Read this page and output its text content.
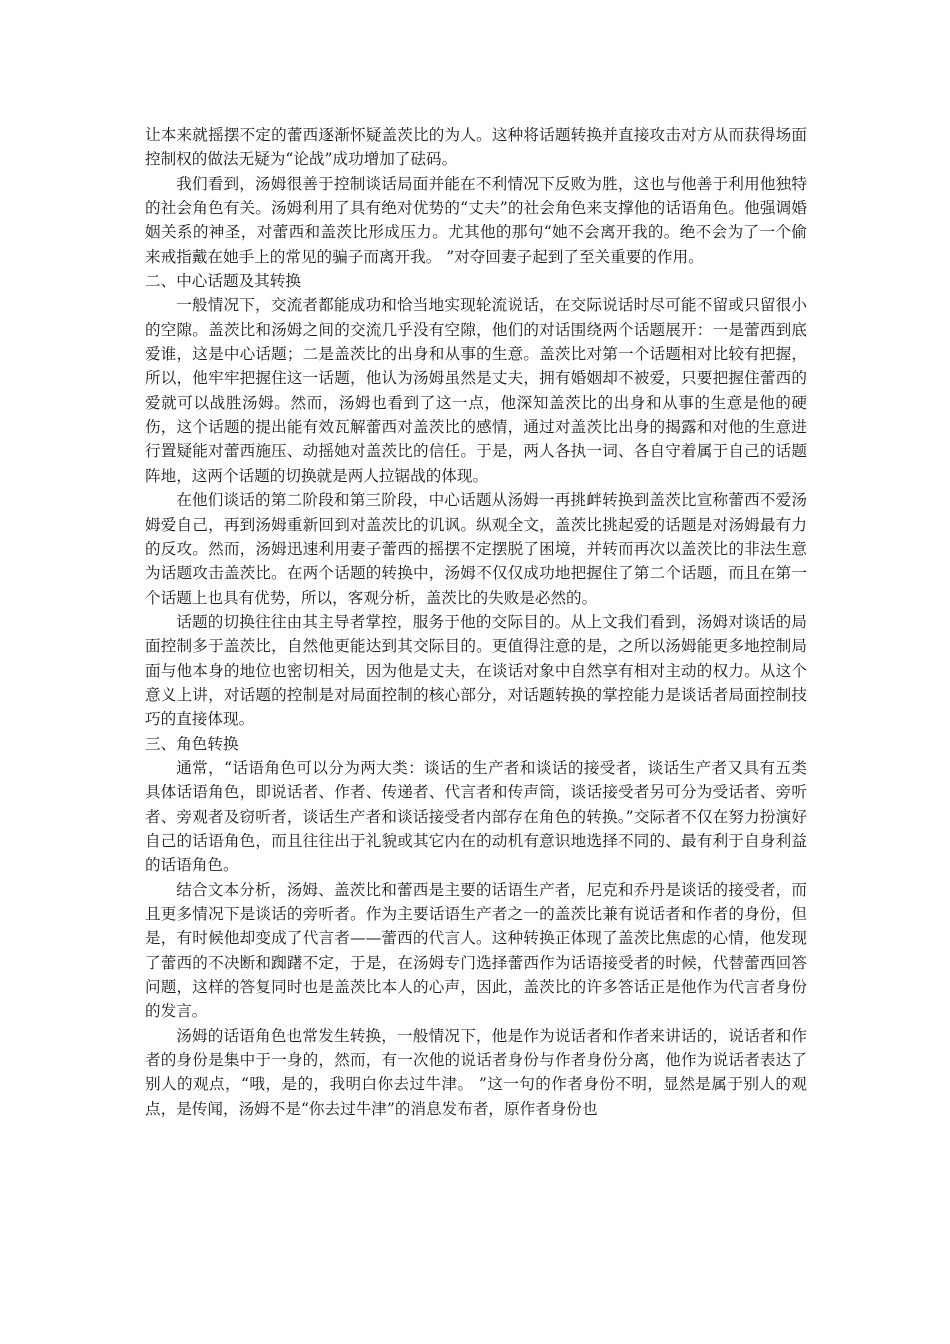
让本来就摇摆不定的蕾西逐渐怀疑盖茨比的为人。这种将话题转换并直接攻击对方从而获得场面控制权的做法无疑为“论战”成功增加了砝码。

我们看到，汤姆很善于控制谈话局面并能在不利情况下反败为胜，这也与他善于利用他独特的社会角色有关。汤姆利用了具有绝对优势的“丈夫”的社会角色来支撑他的话语角色。他强调婚姻关系的神圣，对蕾西和盖茨比形成压力。尤其他的那句“她不会离开我的。绝不会为了一个偷来戒指戴在她手上的常见的骗子而离开我。 ”对夺回妻子起到了至关重要的作用。

二、中心话题及其转换

一般情况下，交流者都能成功和恰当地实现轮流说话，在交际说话时尽可能不留或只留很小的空隙。盖茨比和汤姆之间的交流几乎没有空隙，他们的对话围绕两个话题展开：一是蕾西到底爱谁，这是中心话题；二是盖茨比的出身和从事的生意。盖茨比对第一个话题相对比较有把握，所以，他牢牢把握住这一话题，他认为汤姆虽然是丈夫，拥有婚姻却不被爱，只要把握住蕾西的爱就可以战胜汤姆。然而，汤姆也看到了这一点，他深知盖茨比的出身和从事的生意是他的硬伤，这个话题的提出能有效瓦解蕾西对盖茨比的感情，通过对盖茨比出身的揭露和对他的生意进行置疑能对蕾西施压、动摇她对盖茨比的信任。于是，两人各执一词、各自守着属于自己的话题阵地，这两个话题的切换就是两人拉锯战的体现。

在他们谈话的第二阶段和第三阶段，中心话题从汤姆一再挑衅转换到盖茨比宣称蕾西不爱汤姆爱自己，再到汤姆重新回到对盖茨比的讥讽。纵观全文，盖茨比挑起爱的话题是对汤姆最有力的反攻。然而，汤姆迅速利用妻子蕾西的摇摆不定摆脱了困境，并转而再次以盖茨比的非法生意为话题攻击盖茨比。在两个话题的转换中，汤姆不仅仅成功地把握住了第二个话题，而且在第一个话题上也具有优势，所以，客观分析，盖茨比的失败是必然的。

话题的切换往往由其主导者掌控，服务于他的交际目的。从上文我们看到，汤姆对谈话的局面控制多于盖茨比，自然他更能达到其交际目的。更值得注意的是，之所以汤姆能更多地控制局面与他本身的地位也密切相关，因为他是丈夫，在谈话对象中自然享有相对主动的权力。从这个意义上讲，对话题的控制是对局面控制的核心部分，对话题转换的掌控能力是谈话者局面控制技巧的直接体现。

三、角色转换

通常，“话语角色可以分为两大类：谈话的生产者和谈话的接受者，谈话生产者又具有五类具体话语角色，即说话者、作者、传递者、代言者和传声筒，谈话接受者另可分为受话者、旁听者、旁观者及窃听者，谈话生产者和谈话接受者内部存在角色的转换。”交际者不仅在努力扮演好自己的话语角色，而且往往出于礼貌或其它内在的动机有意识地选择不同的、最有利于自身利益的话语角色。

结合文本分析，汤姆、盖茨比和蕾西是主要的话语生产者，尼克和乔丹是谈话的接受者，而且更多情况下是谈话的旁听者。作为主要话语生产者之一的盖茨比兼有说话者和作者的身份，但是，有时候他却变成了代言者——蕾西的代言人。这种转换正体现了盖茨比焦虑的心情，他发现了蕾西的不决断和踟躇不定，于是，在汤姆专门选择蕾西作为话语接受者的时候，代替蕾西回答问题，这样的答复同时也是盖茨比本人的心声，因此，盖茨比的许多答话正是他作为代言者身份的发言。

汤姆的话语角色也常发生转换，一般情况下，他是作为说话者和作者来讲话的，说话者和作者的身份是集中于一身的，然而，有一次他的说话者身份与作者身份分离，他作为说话者表达了别人的观点，“哦，是的，我明白你去过牛津。 ”这一句的作者身份不明，显然是属于别人的观点，是传闻，汤姆不是“你去过牛津”的消息发布者，原作者身份也
